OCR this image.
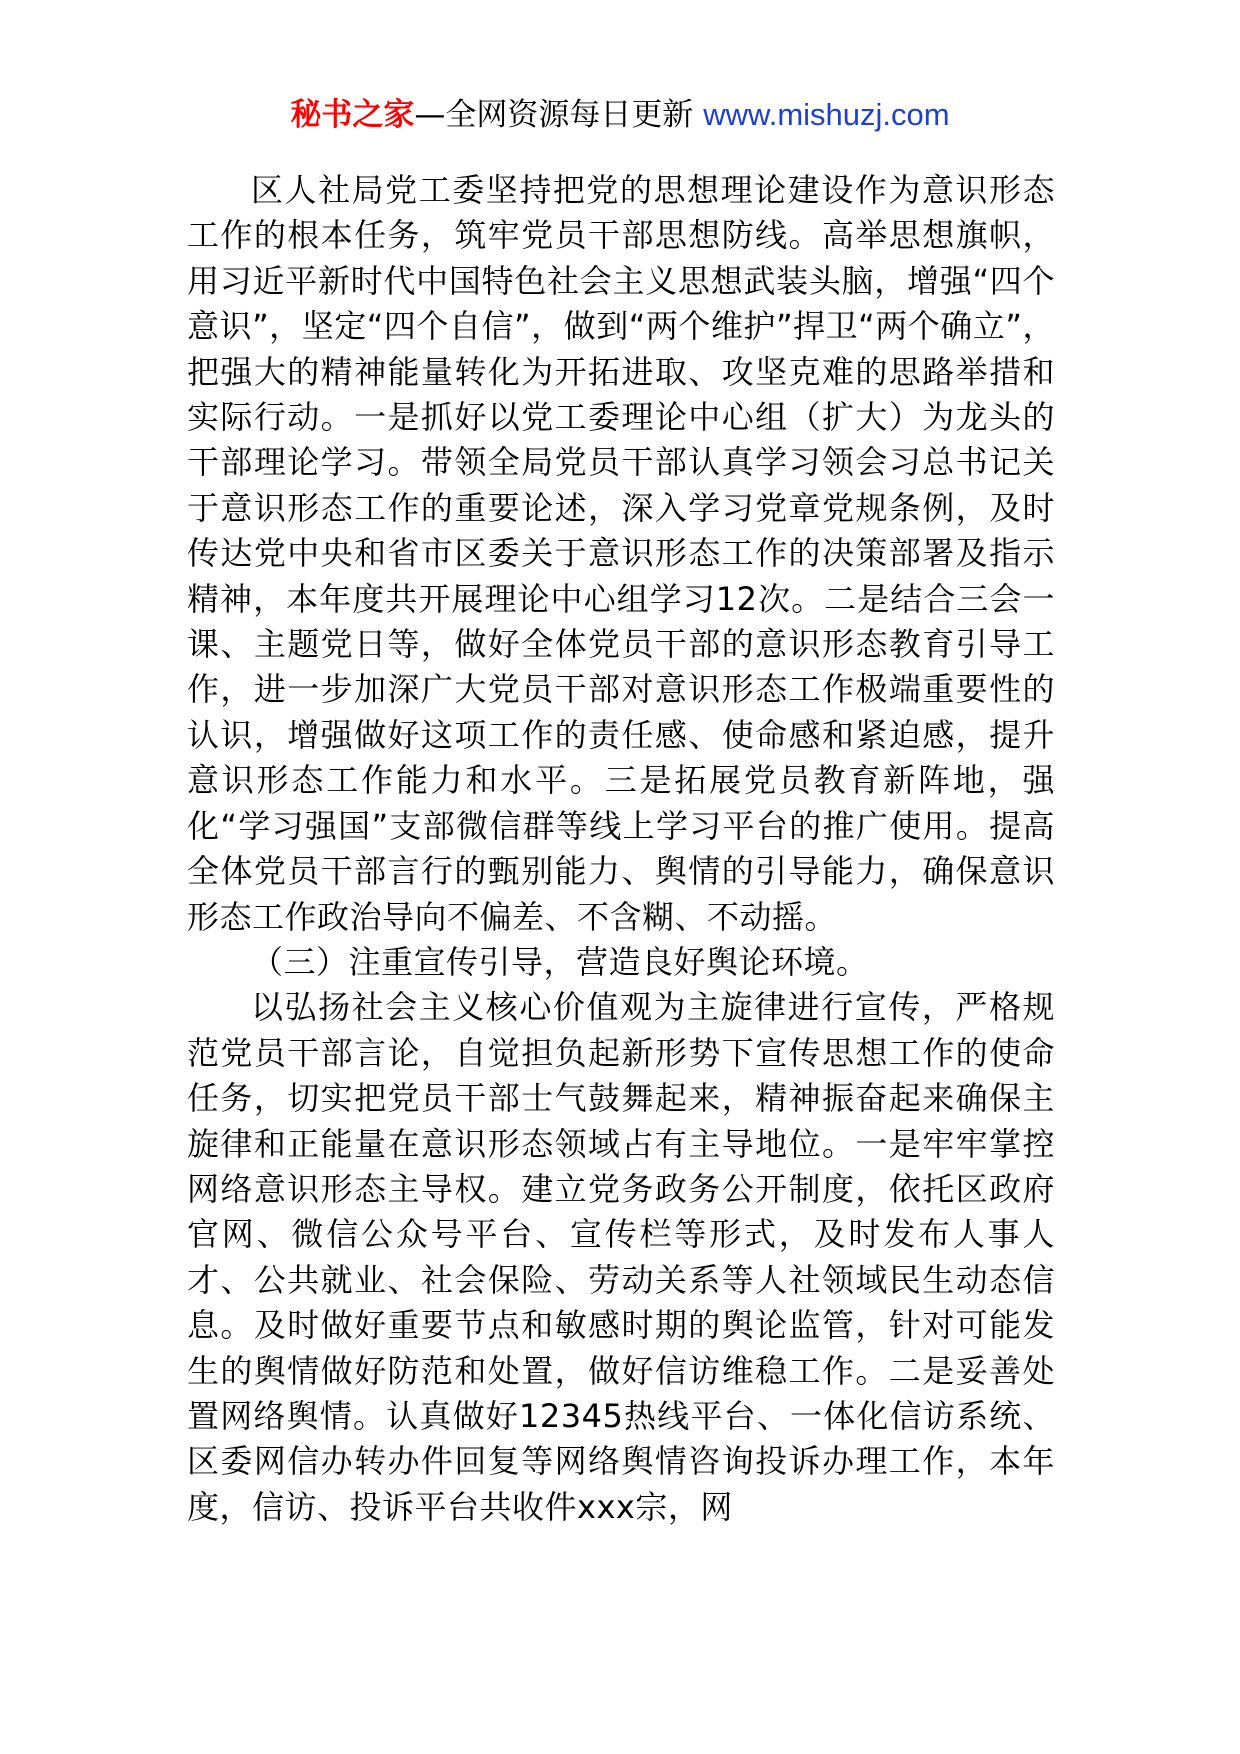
秘书之家—全网资源每日更新 www.mishuzj.com

区人社局党工委坚持把党的思想理论建设作为意识形态工作的根本任务，筑牢党员干部思想防线。高举思想旗帜，用习近平新时代中国特色社会主义思想武装头脑，增强“四个意识”，坚定“四个自信”，做到“两个维护”捍卫“两个确立”，把强大的精神能量转化为开拓进取、攻坚克难的思路举措和实际行动。一是抓好以党工委理论中心组（扩大）为龙头的干部理论学习。带领全局党员干部认真学习领会习总书记关于意识形态工作的重要论述，深入学习党章党规条例，及时传达党中央和省市区委关于意识形态工作的决策部署及指示精神，本年度共开展理论中心组学习12次。二是结合三会一课、主题党日等，做好全体党员干部的意识形态教育引导工作，进一步加深广大党员干部对意识形态工作极端重要性的认识，增强做好这项工作的责任感、使命感和紧迫感，提升意识形态工作能力和水平。三是拓展党员教育新阵地，强化“学习强国”支部微信群等线上学习平台的推广使用。提高全体党员干部言行的甄别能力、舆情的引导能力，确保意识形态工作政治导向不偏差、不含糊、不动摇。

（三）注重宣传引导，营造良好舆论环境。

以弘扬社会主义核心价值观为主旋律进行宣传，严格规范党员干部言论，自觉担负起新形势下宣传思想工作的使命任务，切实把党员干部士气鼓舞起来，精神振奋起来确保主旋律和正能量在意识形态领域占有主导地位。一是牢牢掌控网络意识形态主导权。建立党务政务公开制度，依托区政府官网、微信公众号平台、宣传栏等形式，及时发布人事人才、公共就业、社会保险、劳动关系等人社领域民生动态信息。及时做好重要节点和敏感时期的舆论监管，针对可能发生的舆情做好防范和处置，做好信访维稳工作。二是妥善处置网络舆情。认真做好12345热线平台、一体化信访系统、区委网信办转办件回复等网络舆情咨询投诉办理工作，本年度，信访、投诉平台共收件xxx宗，网
